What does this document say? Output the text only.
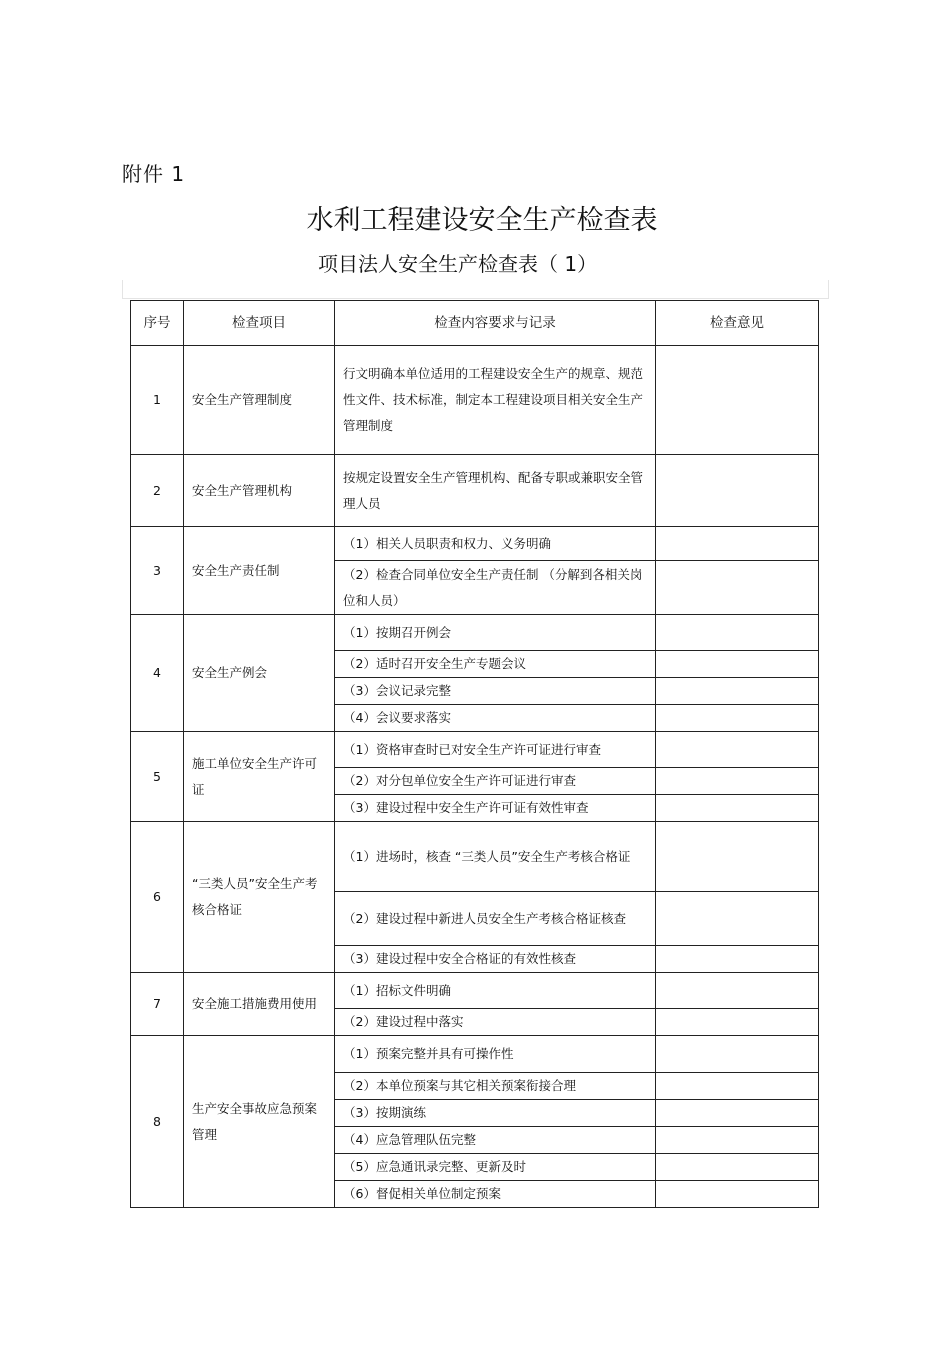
附件 1
水利工程建设安全生产检查表
项目法人安全生产检查表（ 1）
序号	检查项目	检查内容要求与记录	检查意见
1	安全生产管理制度	行文明确本单位适用的工程建设安全生产的规章、规范性文件、技术标准，制定本工程建设项目相关安全生产管理制度	
2	安全生产管理机构	按规定设置安全生产管理机构、配备专职或兼职安全管理人员	
3	安全生产责任制	（1）相关人员职责和权力、义务明确	
		（2）检查合同单位安全生产责任制 （分解到各相关岗位和人员）	
4	安全生产例会	（1）按期召开例会	
		（2）适时召开安全生产专题会议	
		（3）会议记录完整	
		（4）会议要求落实	
5	施工单位安全生产许可证	（1）资格审查时已对安全生产许可证进行审查	
		（2）对分包单位安全生产许可证进行审查	
		（3）建设过程中安全生产许可证有效性审查	
6	“三类人员”安全生产考核合格证	（1）进场时，核查 “三类人员”安全生产考核合格证	
		（2）建设过程中新进人员安全生产考核合格证核查	
		（3）建设过程中安全合格证的有效性核查	
7	安全施工措施费用使用	（1）招标文件明确	
		（2）建设过程中落实	
8	生产安全事故应急预案管理	（1）预案完整并具有可操作性	
		（2）本单位预案与其它相关预案衔接合理	
		（3）按期演练	
		（4）应急管理队伍完整	
		（5）应急通讯录完整、更新及时	
		（6）督促相关单位制定预案	
